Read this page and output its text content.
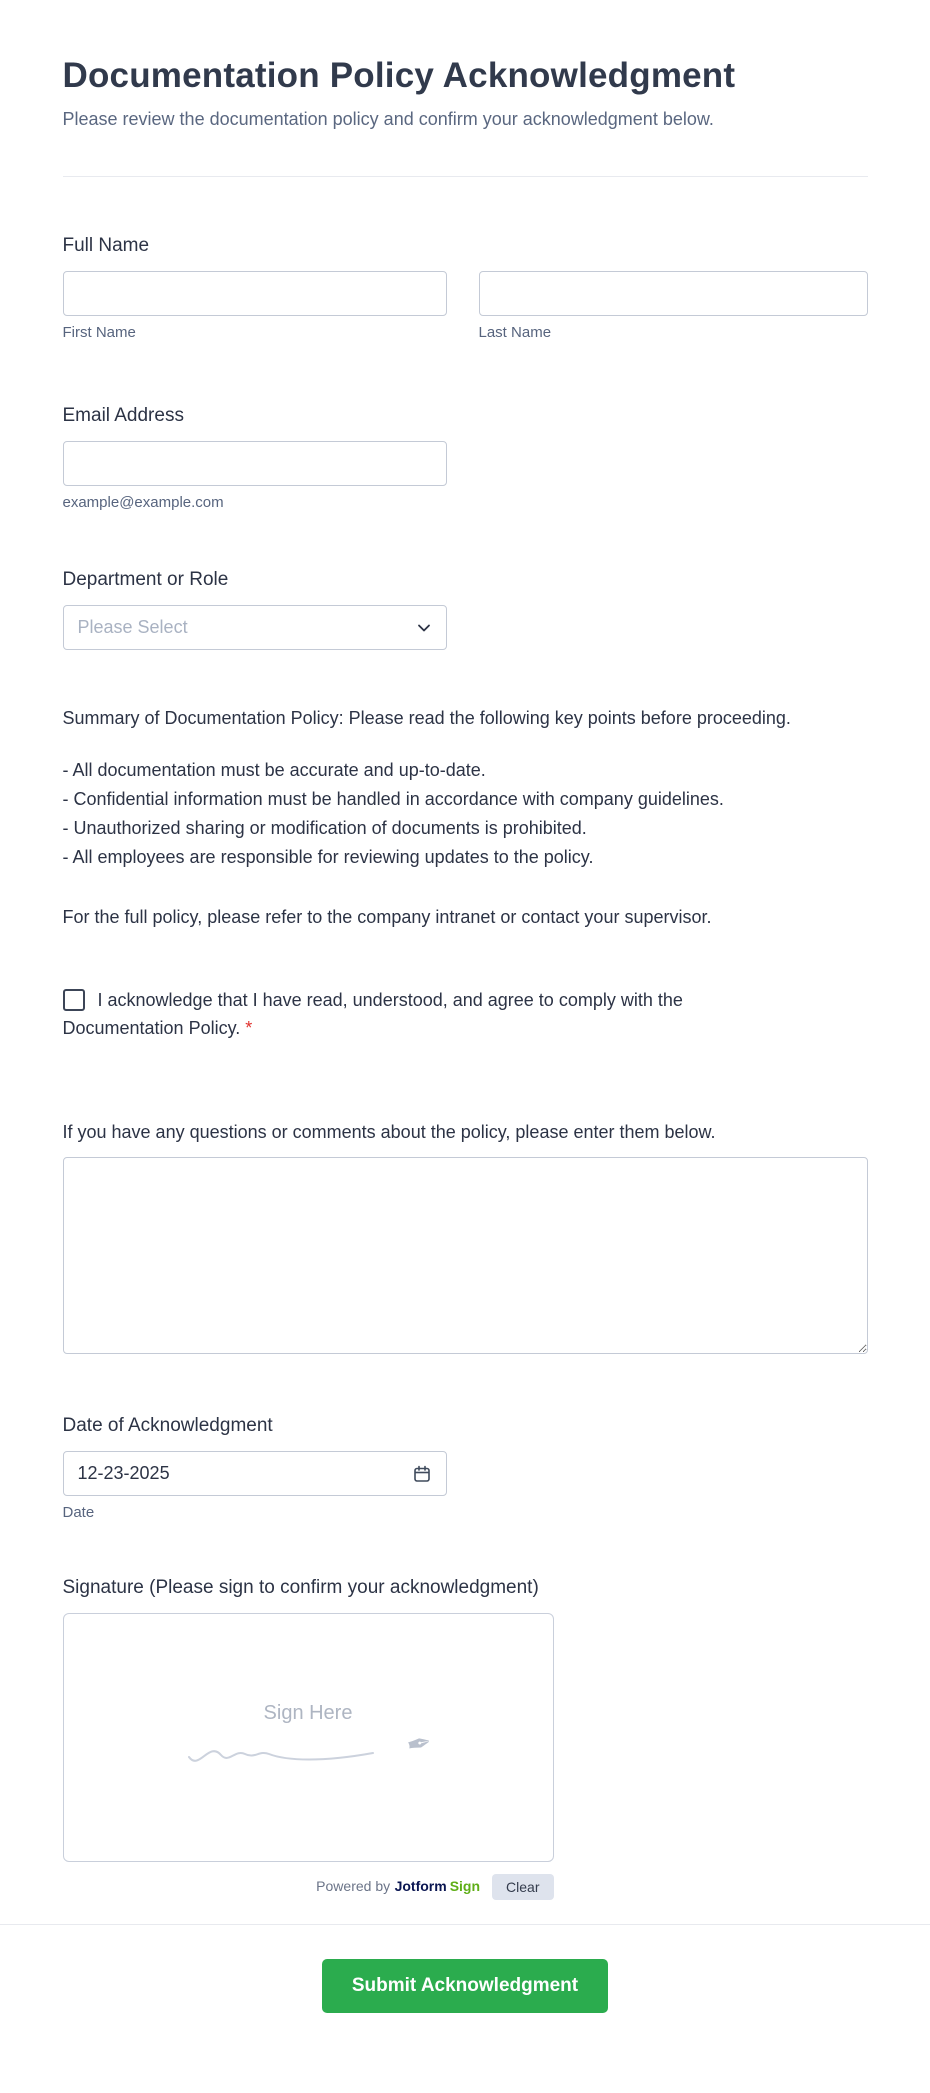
Documentation Policy Acknowledgment

Please review the documentation policy and confirm your acknowledgment below.

Full Name
First Name	Last Name
Email Address
example@example.com
Department or Role
Please Select

Summary of Documentation Policy: Please read the following key points before proceeding.

- All documentation must be accurate and up-to-date.
- Confidential information must be handled in accordance with company guidelines.
- Unauthorized sharing or modification of documents is prohibited.
- All employees are responsible for reviewing updates to the policy.

For the full policy, please refer to the company intranet or contact your supervisor.

I acknowledge that I have read, understood, and agree to comply with the Documentation Policy. *
If you have any questions or comments about the policy, please enter them below.
Date of Acknowledgment
12-23-2025
Date
Signature (Please sign to confirm your acknowledgment)
Sign Here
✒
Powered by Jotform Sign	Clear
Submit Acknowledgment
